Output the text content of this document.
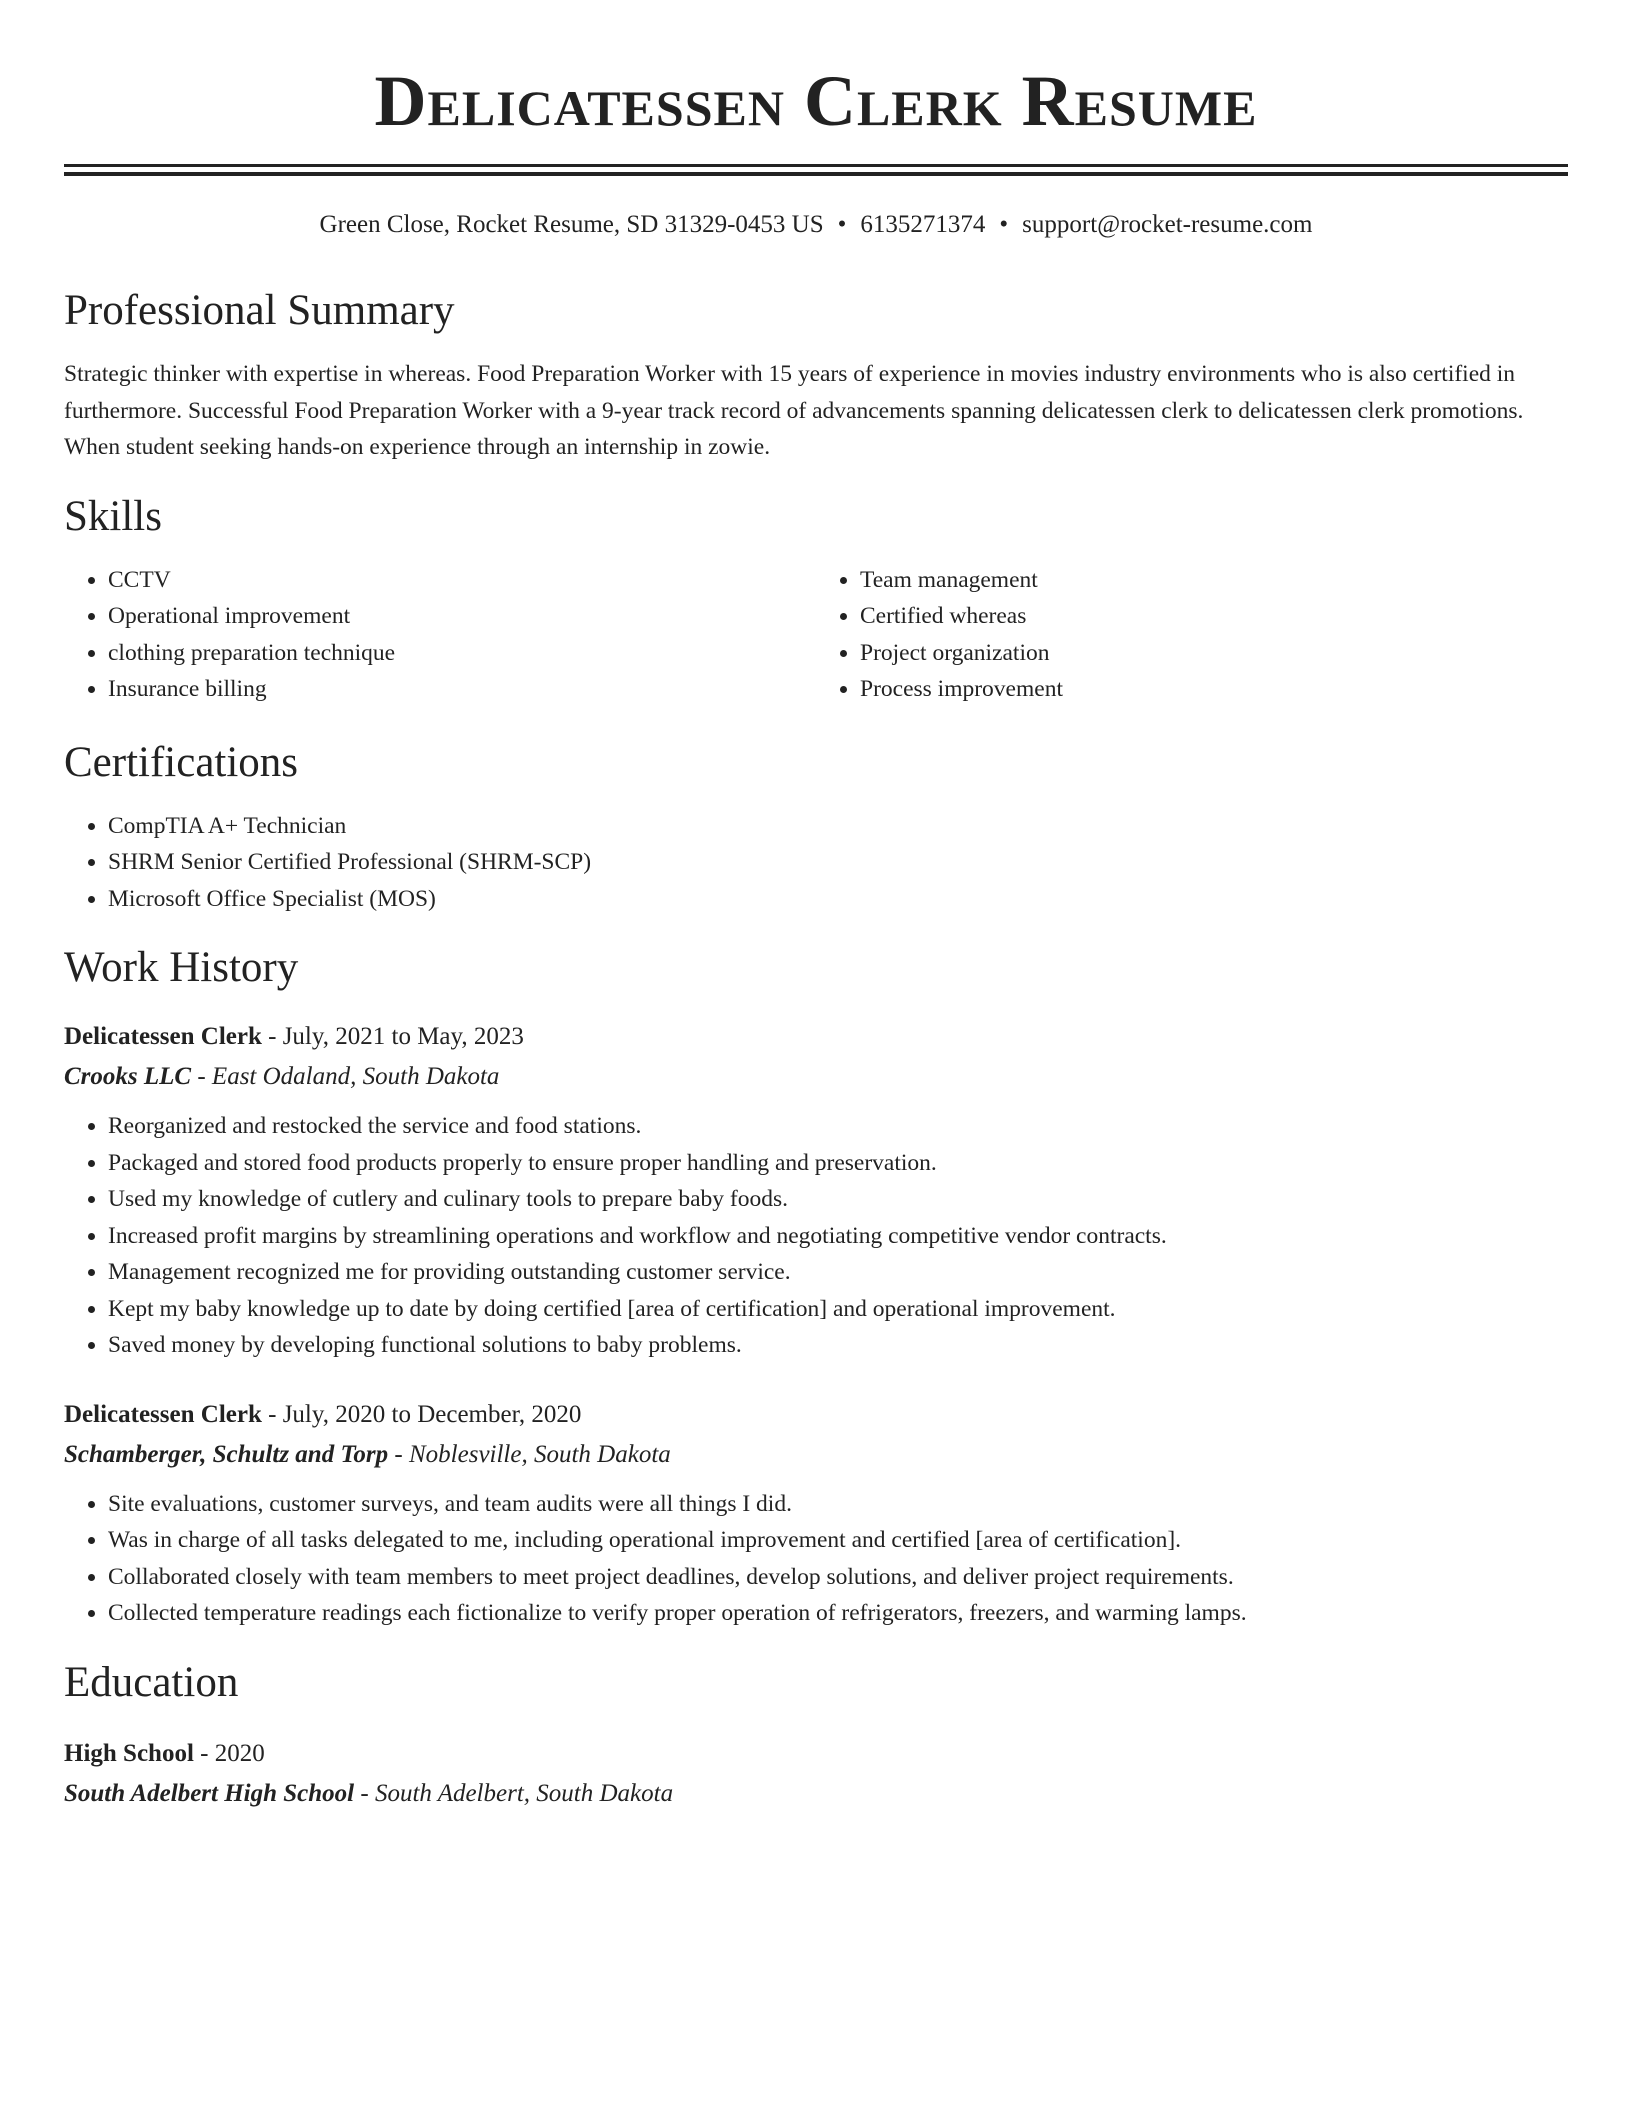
Delicatessen Clerk Resume
Green Close, Rocket Resume, SD 31329-0453 US • 6135271374 • support@rocket-resume.com
Professional Summary

Strategic thinker with expertise in whereas. Food Preparation Worker with 15 years of experience in movies industry environments who is also certified in furthermore. Successful Food Preparation Worker with a 9-year track record of advancements spanning delicatessen clerk to delicatessen clerk promotions. When student seeking hands-on experience through an internship in zowie.

Skills
• CCTV
• Operational improvement
• clothing preparation technique
• Insurance billing
• Team management
• Certified whereas
• Project organization
• Process improvement
Certifications
• CompTIA A+ Technician
• SHRM Senior Certified Professional (SHRM-SCP)
• Microsoft Office Specialist (MOS)
Work History
Delicatessen Clerk - July, 2021 to May, 2023
Crooks LLC - East Odaland, South Dakota
• Reorganized and restocked the service and food stations.
• Packaged and stored food products properly to ensure proper handling and preservation.
• Used my knowledge of cutlery and culinary tools to prepare baby foods.
• Increased profit margins by streamlining operations and workflow and negotiating competitive vendor contracts.
• Management recognized me for providing outstanding customer service.
• Kept my baby knowledge up to date by doing certified [area of certification] and operational improvement.
• Saved money by developing functional solutions to baby problems.
Delicatessen Clerk - July, 2020 to December, 2020
Schamberger, Schultz and Torp - Noblesville, South Dakota
• Site evaluations, customer surveys, and team audits were all things I did.
• Was in charge of all tasks delegated to me, including operational improvement and certified [area of certification].
• Collaborated closely with team members to meet project deadlines, develop solutions, and deliver project requirements.
• Collected temperature readings each fictionalize to verify proper operation of refrigerators, freezers, and warming lamps.
Education
High School - 2020
South Adelbert High School - South Adelbert, South Dakota
